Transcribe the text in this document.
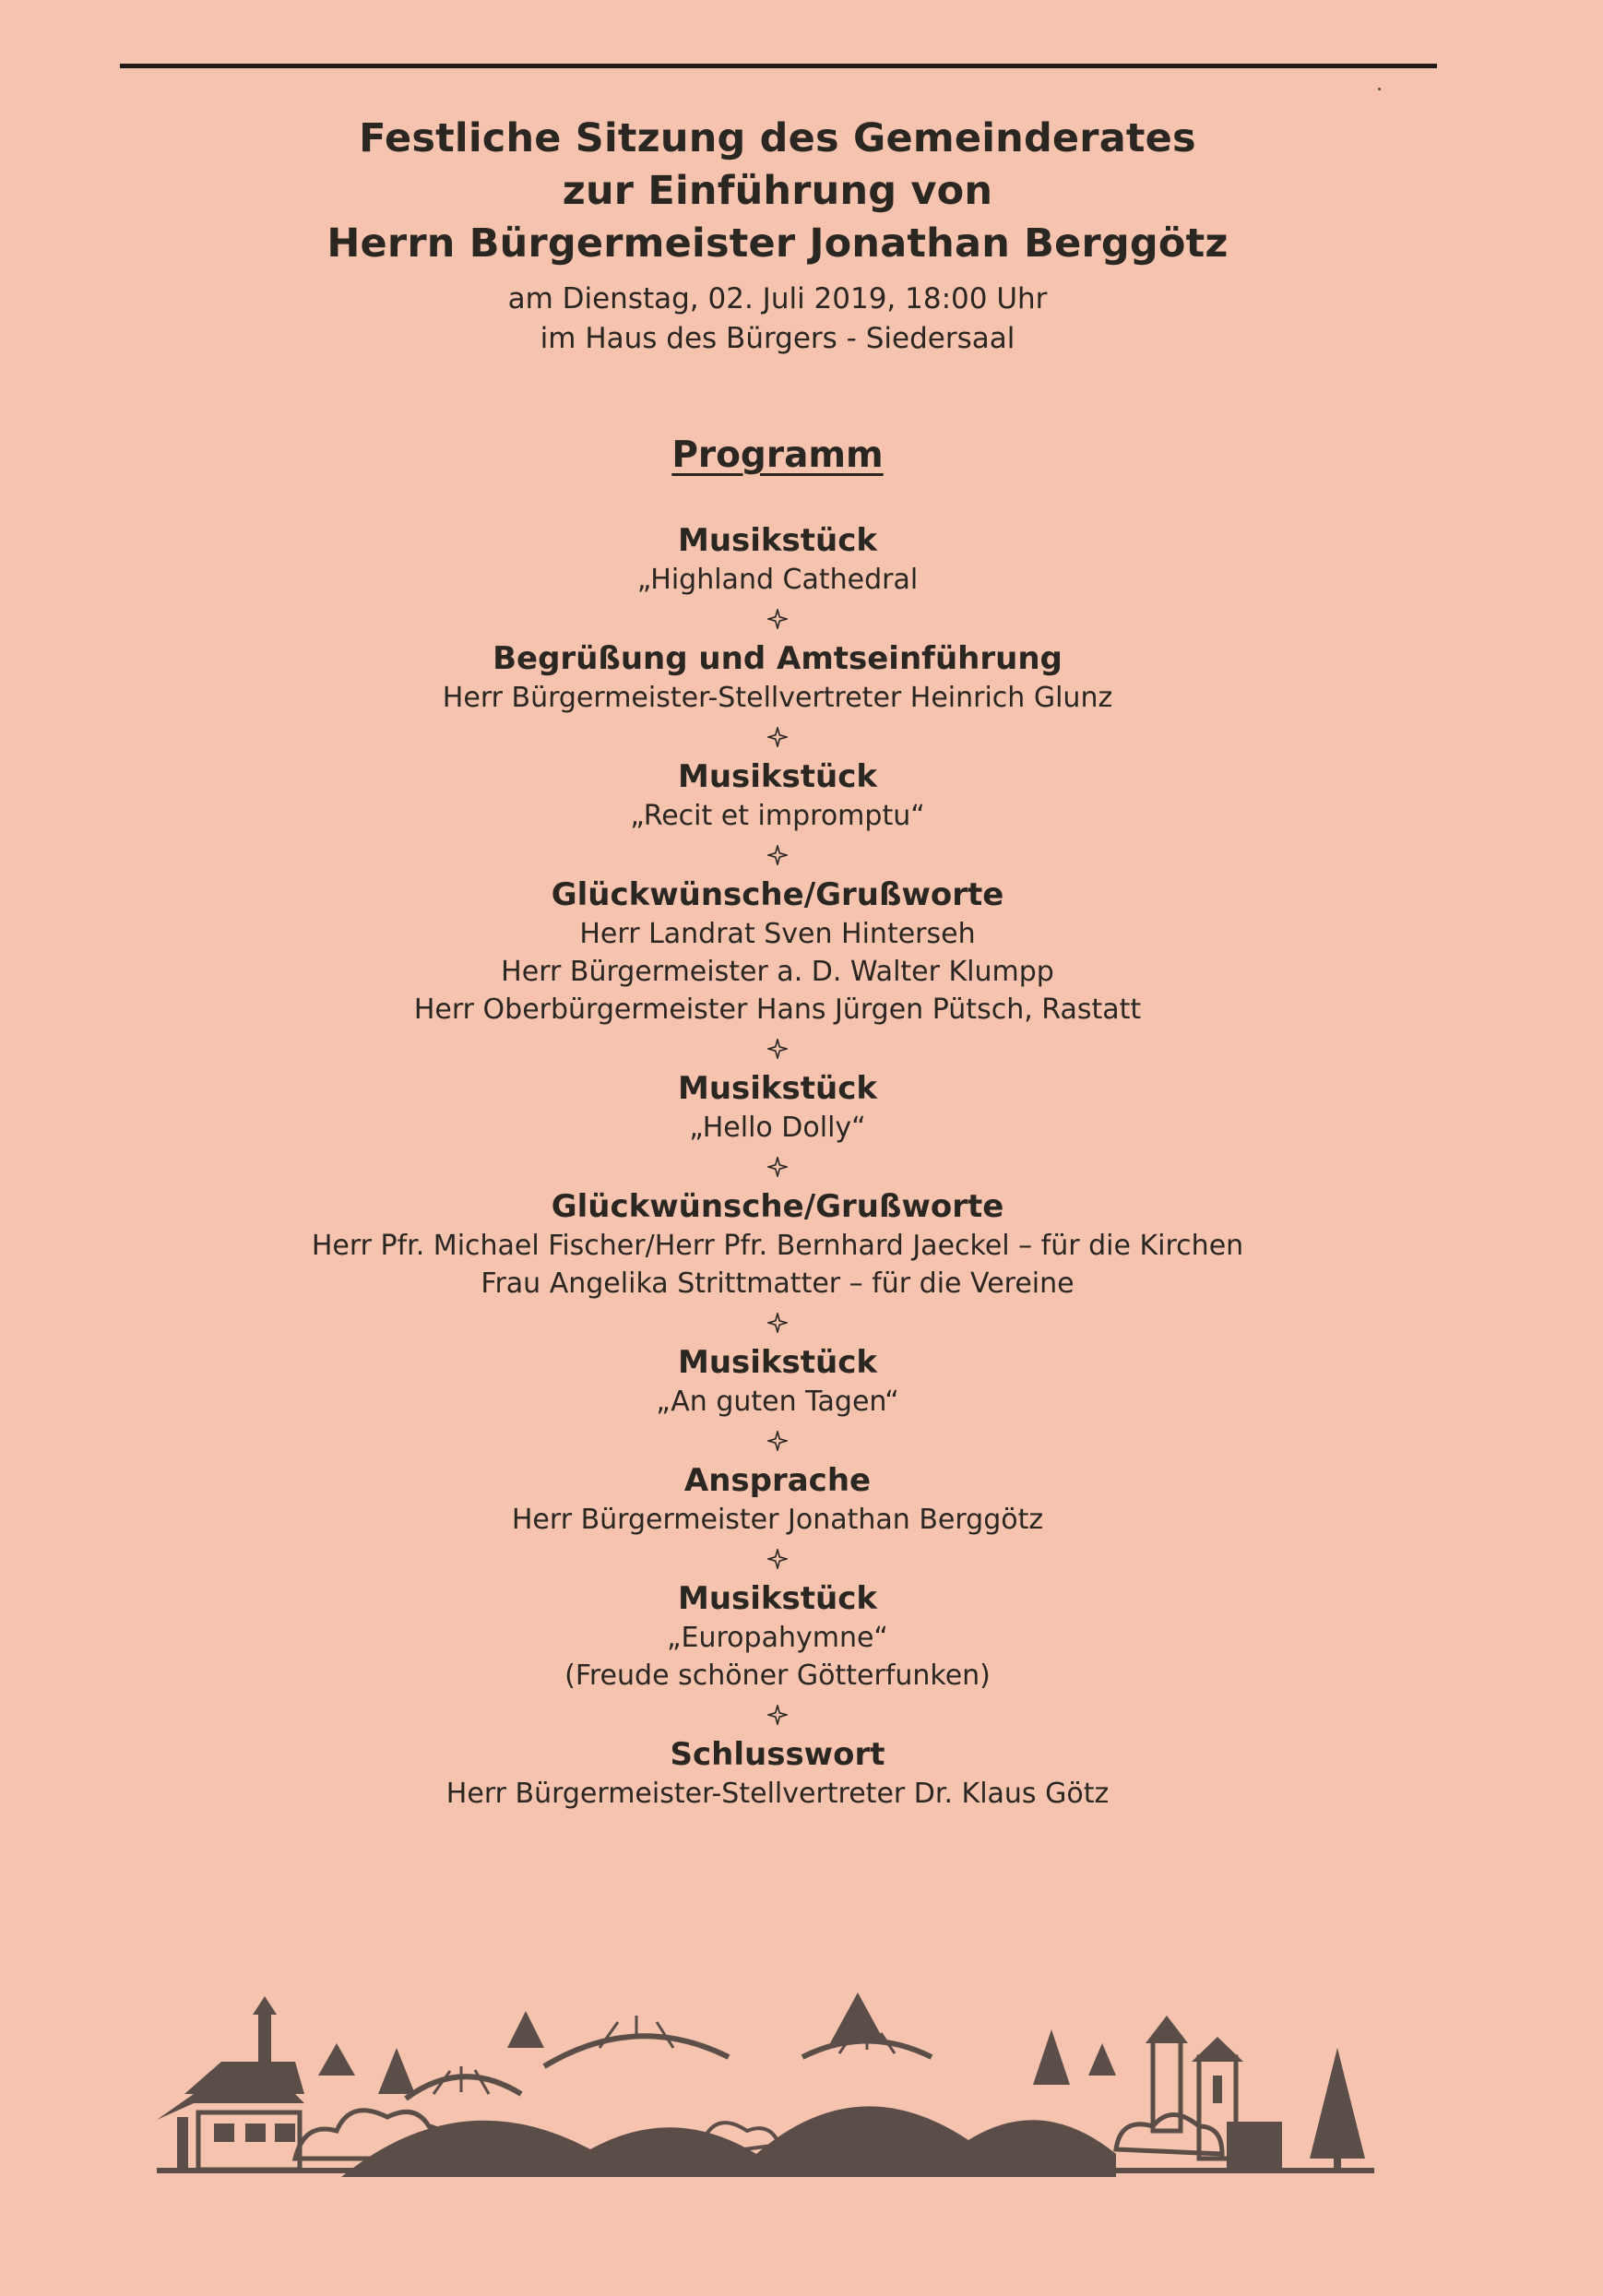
Festliche Sitzung des Gemeinderates
zur Einführung von
Herrn Bürgermeister Jonathan Berggötz
am Dienstag, 02. Juli 2019, 18:00 Uhr
im Haus des Bürgers - Siedersaal
Programm
Musikstück
„Highland Cathedral
Begrüßung und Amtseinführung
Herr Bürgermeister-Stellvertreter Heinrich Glunz
Musikstück
„Recit et impromptu“
Glückwünsche/Grußworte
Herr Landrat Sven Hinterseh
Herr Bürgermeister a. D. Walter Klumpp
Herr Oberbürgermeister Hans Jürgen Pütsch, Rastatt
Musikstück
„Hello Dolly“
Glückwünsche/Grußworte
Herr Pfr. Michael Fischer/Herr Pfr. Bernhard Jaeckel – für die Kirchen
Frau Angelika Strittmatter – für die Vereine
Musikstück
„An guten Tagen“
Ansprache
Herr Bürgermeister Jonathan Berggötz
Musikstück
„Europahymne“
(Freude schöner Götterfunken)
Schlusswort
Herr Bürgermeister-Stellvertreter Dr. Klaus Götz
